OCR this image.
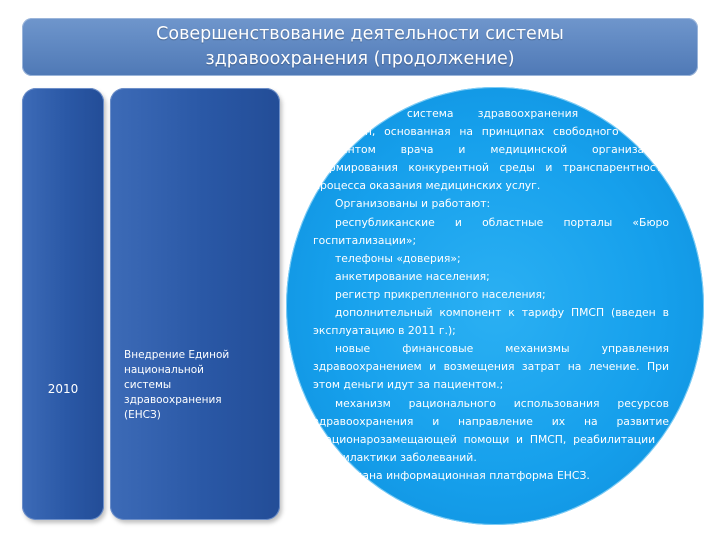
Совершенствование деятельности системы
здравоохранения (продолжение)
2010
Внедрение Единой
национальной
системы
здравоохранения
(ЕНСЗ)

Создана система здравоохранения Республики Казахстан, основанная на принципах свободного выбора пациентом врача и медицинской организации, формирования конкурентной среды и транспарентности процесса оказания медицинских услуг.

Организованы и работают:

республиканские и областные порталы «Бюро госпитализации»;

телефоны «доверия»;

анкетирование населения;

регистр прикрепленного населения;

дополнительный компонент к тарифу ПМСП (введен в эксплуатацию в 2011 г.);

новые финансовые механизмы управления здравоохранением и возмещения затрат на лечение. При этом деньги идут за пациентом.;

механизм рационального использования ресурсов здравоохранения и направление их на развитие стационарозамещающей помощи и ПМСП, реабилитации и профилактики заболеваний.

Создана информационная платформа ЕНСЗ.
